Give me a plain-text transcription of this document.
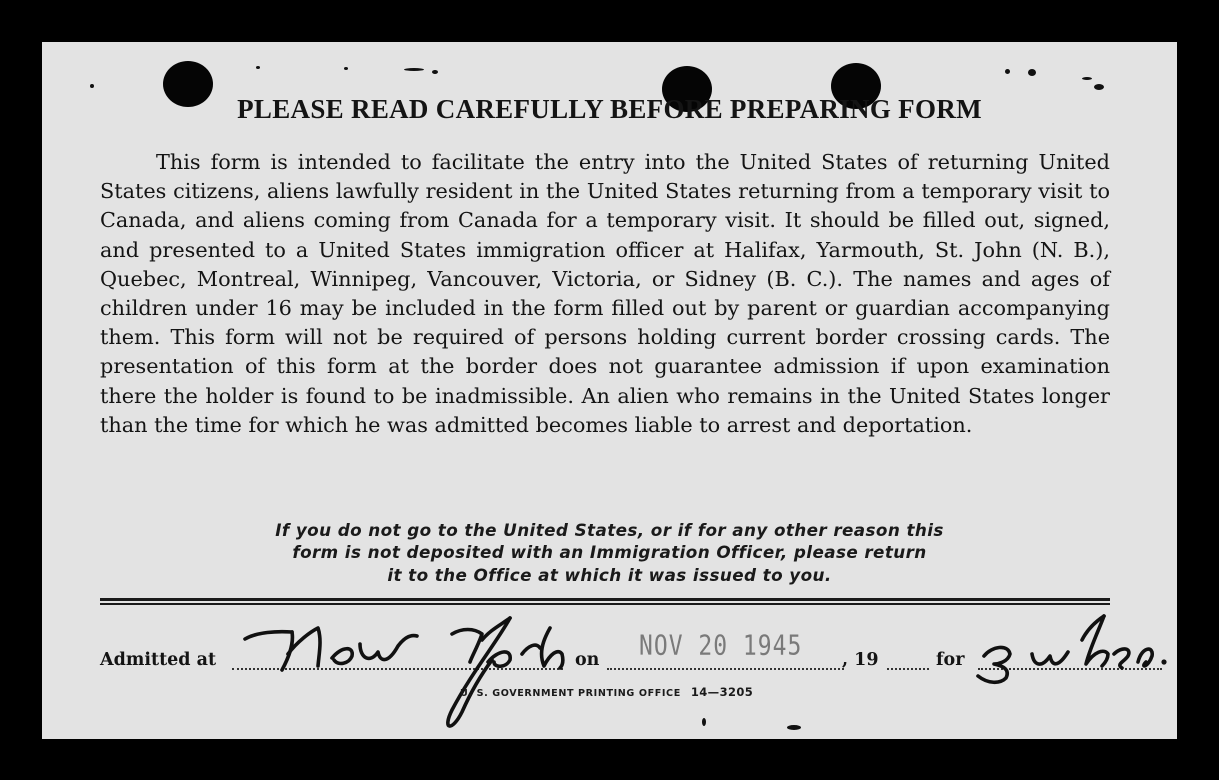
PLEASE READ CAREFULLY BEFORE PREPARING FORM

This form is intended to facilitate the entry into the United States of returning United States citizens, aliens lawfully resident in the United States returning from a temporary visit to Canada, and aliens coming from Canada for a temporary visit. It should be filled out, signed, and presented to a United States immigration officer at Halifax, Yarmouth, St. John (N. B.), Quebec, Montreal, Winnipeg, Vancouver, Victoria, or Sidney (B. C.). The names and ages of children under 16 may be included in the form filled out by parent or guardian accompanying them. This form will not be required of persons holding current border crossing cards. The presentation of this form at the border does not guarantee admission if upon examination there the holder is found to be inadmissible. An alien who remains in the United States longer than the time for which he was admitted becomes liable to arrest and deportation.

If you do not go to the United States, or if for any other reason this
form is not deposited with an Immigration Officer, please return
it to the Office at which it was issued to you.
Admitted at	on NOV 20 1945 , 19	for
U. S. GOVERNMENT PRINTING OFFICE 14—3205
